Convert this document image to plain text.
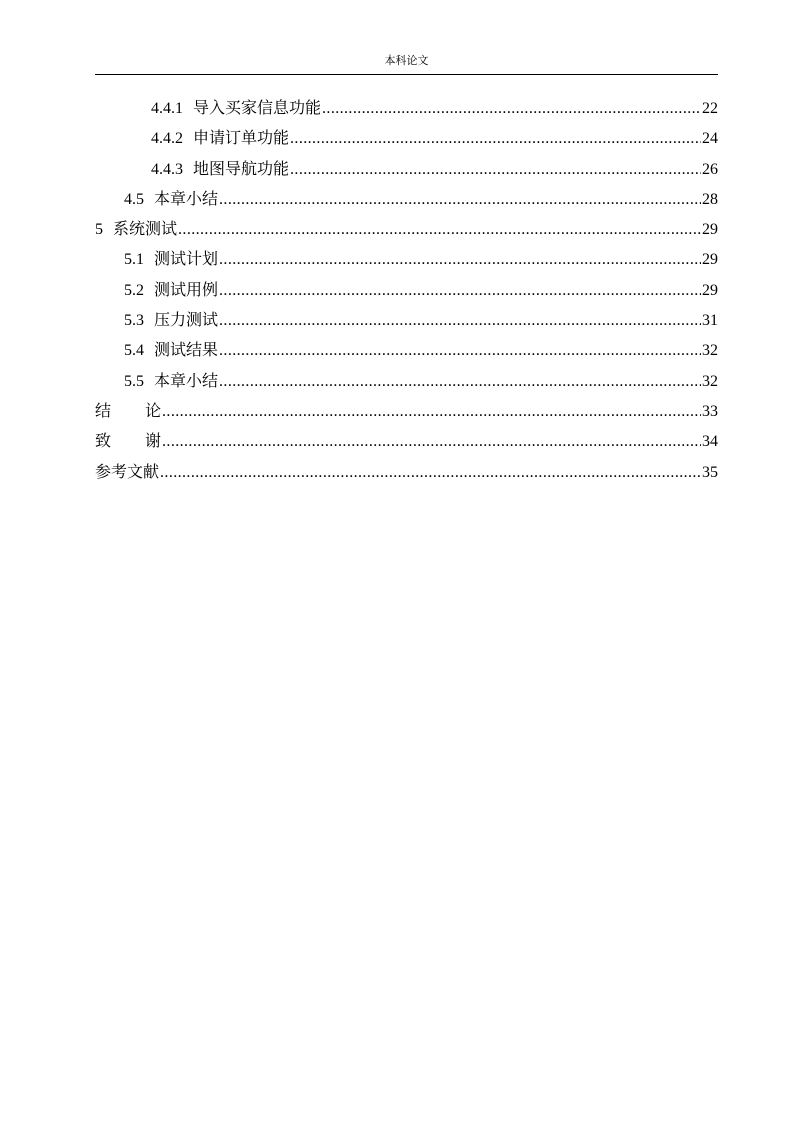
本科论文
4.4.1 导入买家信息功能 .....	22
4.4.2 申请订单功能 .....	24
4.4.3 地图导航功能 .....	26
4.5 本章小结 .....	28
5 系统测试 .....	29
5.1 测试计划 .....	29
5.2 测试用例 .....	29
5.3 压力测试 .....	31
5.4 测试结果 .....	32
5.5 本章小结 .....	32
结 论 .....	33
致 谢 .....	34
参考文献 .....	35
